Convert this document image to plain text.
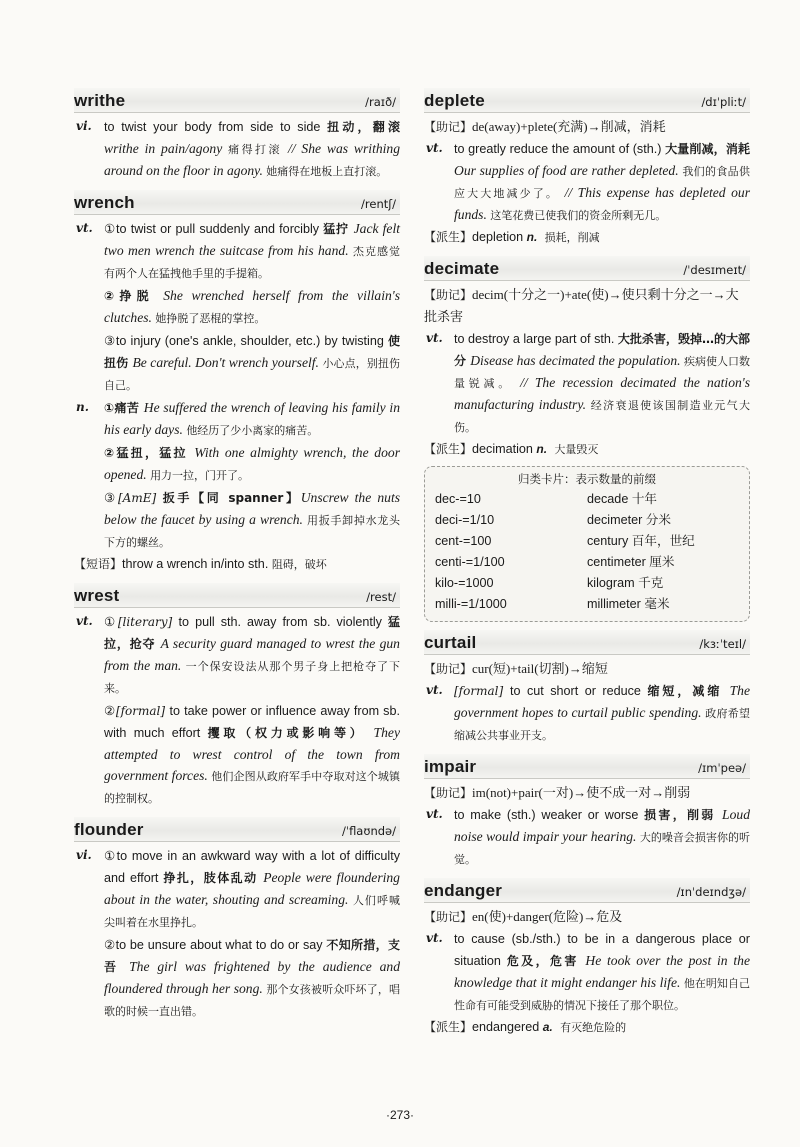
writhe	/raɪð/
vi. to twist your body from side to side 扭动，翻滚 writhe in pain/agony 痛得打滚 // She was writhing around on the floor in agony. 她痛得在地板上直打滚。
wrench	/rentʃ/
vt. ①to twist or pull suddenly and forcibly 猛拧 Jack felt two men wrench the suitcase from his hand. 杰克感觉有两个人在猛拽他手里的手提箱。
②挣脱 She wrenched herself from the villain's clutches. 她挣脱了恶棍的掌控。
③to injury (one's ankle, shoulder, etc.) by twisting 使扭伤 Be careful. Don't wrench yourself. 小心点，别扭伤自己。
n. ①痛苦 He suffered the wrench of leaving his family in his early days. 他经历了少小离家的痛苦。
②猛扭，猛拉 With one almighty wrench, the door opened. 用力一拉，门开了。
③[AmE] 扳手【同 spanner】Unscrew the nuts below the faucet by using a wrench. 用扳手卸掉水龙头下方的螺丝。
【短语】throw a wrench in/into sth. 阻碍，破坏
wrest	/rest/
vt. ①[literary] to pull sth. away from sb. violently 猛拉，抢夺 A security guard managed to wrest the gun from the man. 一个保安设法从那个男子身上把枪夺了下来。
②[formal] to take power or influence away from sb. with much effort 攫取（权力或影响等） They attempted to wrest control of the town from government forces. 他们企图从政府军手中夺取对这个城镇的控制权。
flounder	/ˈflaʊndə/
vi. ①to move in an awkward way with a lot of difficulty and effort 挣扎，肢体乱动 People were floundering about in the water, shouting and screaming. 人们呼喊尖叫着在水里挣扎。
②to be unsure about what to do or say 不知所措，支吾 The girl was frightened by the audience and floundered through her song. 那个女孩被听众吓坏了，唱歌的时候一直出错。
deplete	/dɪˈpliːt/
【助记】de(away)+plete(充满)→削减，消耗
vt. to greatly reduce the amount of (sth.) 大量削减，消耗 Our supplies of food are rather depleted. 我们的食品供应大大地减少了。 // This expense has depleted our funds. 这笔花费已使我们的资金所剩无几。
【派生】depletion n. 损耗，削减
decimate	/ˈdesɪmeɪt/
【助记】decim(十分之一)+ate(使)→使只剩十分之一→大批杀害
vt. to destroy a large part of sth. 大批杀害，毁掉…的大部分 Disease has decimated the population. 疾病使人口数量锐减。 // The recession decimated the nation's manufacturing industry. 经济衰退使该国制造业元气大伤。
【派生】decimation n. 大量毁灭
归类卡片：表示数量的前缀
dec-=10	decade 十年
deci-=1/10	decimeter 分米
cent-=100	century 百年，世纪
centi-=1/100	centimeter 厘米
kilo-=1000	kilogram 千克
milli-=1/1000	millimeter 毫米
curtail	/kɜːˈteɪl/
【助记】cur(短)+tail(切割)→缩短
vt. [formal] to cut short or reduce 缩短，减缩 The government hopes to curtail public spending. 政府希望缩减公共事业开支。
impair	/ɪmˈpeə/
【助记】im(not)+pair(一对)→使不成一对→削弱
vt. to make (sth.) weaker or worse 损害，削弱 Loud noise would impair your hearing. 大的噪音会损害你的听觉。
endanger	/ɪnˈdeɪndʒə/
【助记】en(使)+danger(危险)→危及
vt. to cause (sb./sth.) to be in a dangerous place or situation 危及，危害 He took over the post in the knowledge that it might endanger his life. 他在明知自己性命有可能受到威胁的情况下接任了那个职位。
【派生】endangered a. 有灭绝危险的
·273·
